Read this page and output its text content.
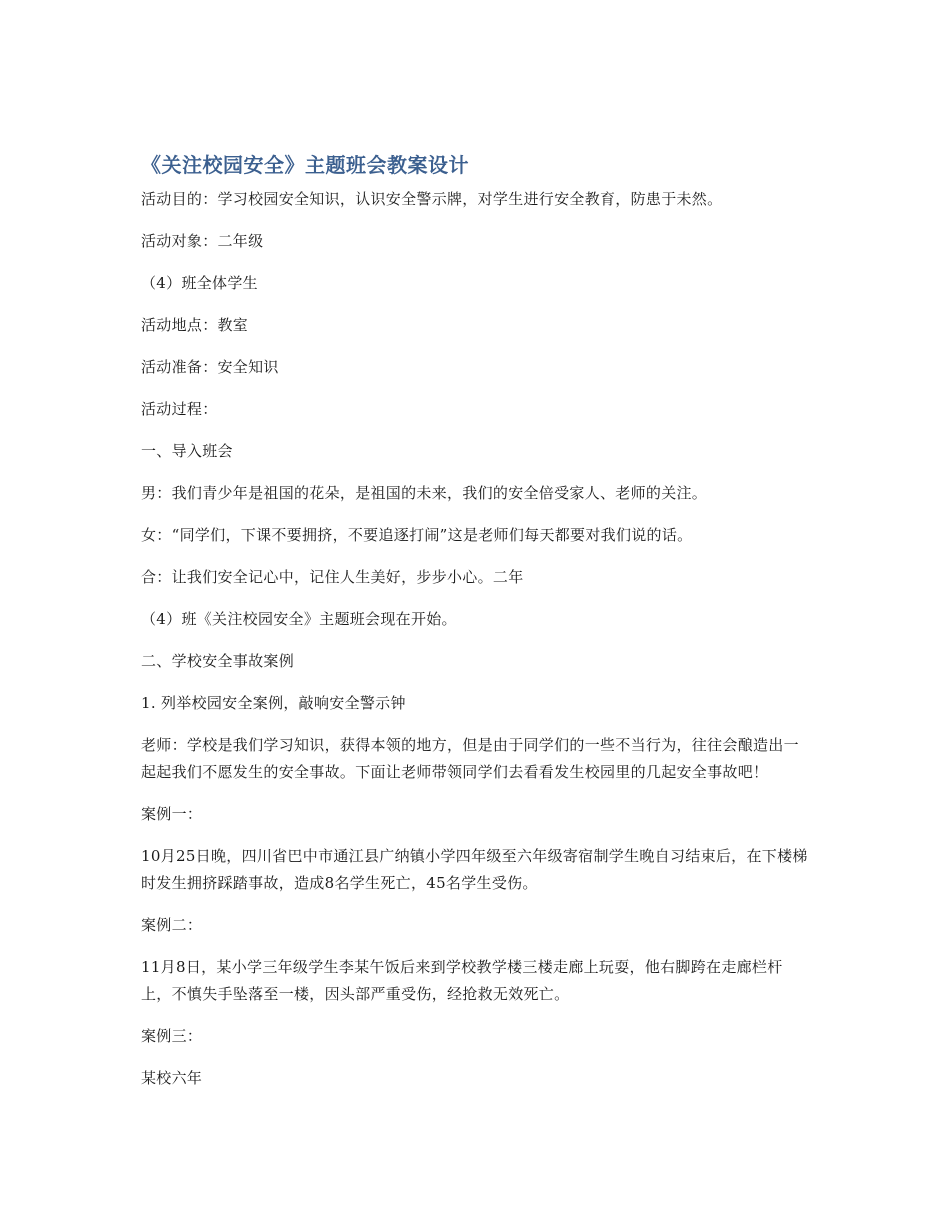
《关注校园安全》主题班会教案设计

活动目的：学习校园安全知识，认识安全警示牌，对学生进行安全教育，防患于未然。

活动对象：二年级

（4）班全体学生

活动地点：教室

活动准备：安全知识

活动过程：

一、导入班会

男：我们青少年是祖国的花朵，是祖国的未来，我们的安全倍受家人、老师的关注。

女：“同学们，下课不要拥挤，不要追逐打闹”这是老师们每天都要对我们说的话。

合：让我们安全记心中，记住人生美好，步步小心。二年

（4）班《关注校园安全》主题班会现在开始。

二、学校安全事故案例

1. 列举校园安全案例，敲响安全警示钟

老师：学校是我们学习知识，获得本领的地方，但是由于同学们的一些不当行为，往往会酿造出一起起我们不愿发生的安全事故。下面让老师带领同学们去看看发生校园里的几起安全事故吧！

案例一：

10月25日晚，四川省巴中市通江县广纳镇小学四年级至六年级寄宿制学生晚自习结束后，在下楼梯时发生拥挤踩踏事故，造成8名学生死亡，45名学生受伤。

案例二：

11月8日，某小学三年级学生李某午饭后来到学校教学楼三楼走廊上玩耍，他右脚跨在走廊栏杆上，不慎失手坠落至一楼，因头部严重受伤，经抢救无效死亡。

案例三：

某校六年
